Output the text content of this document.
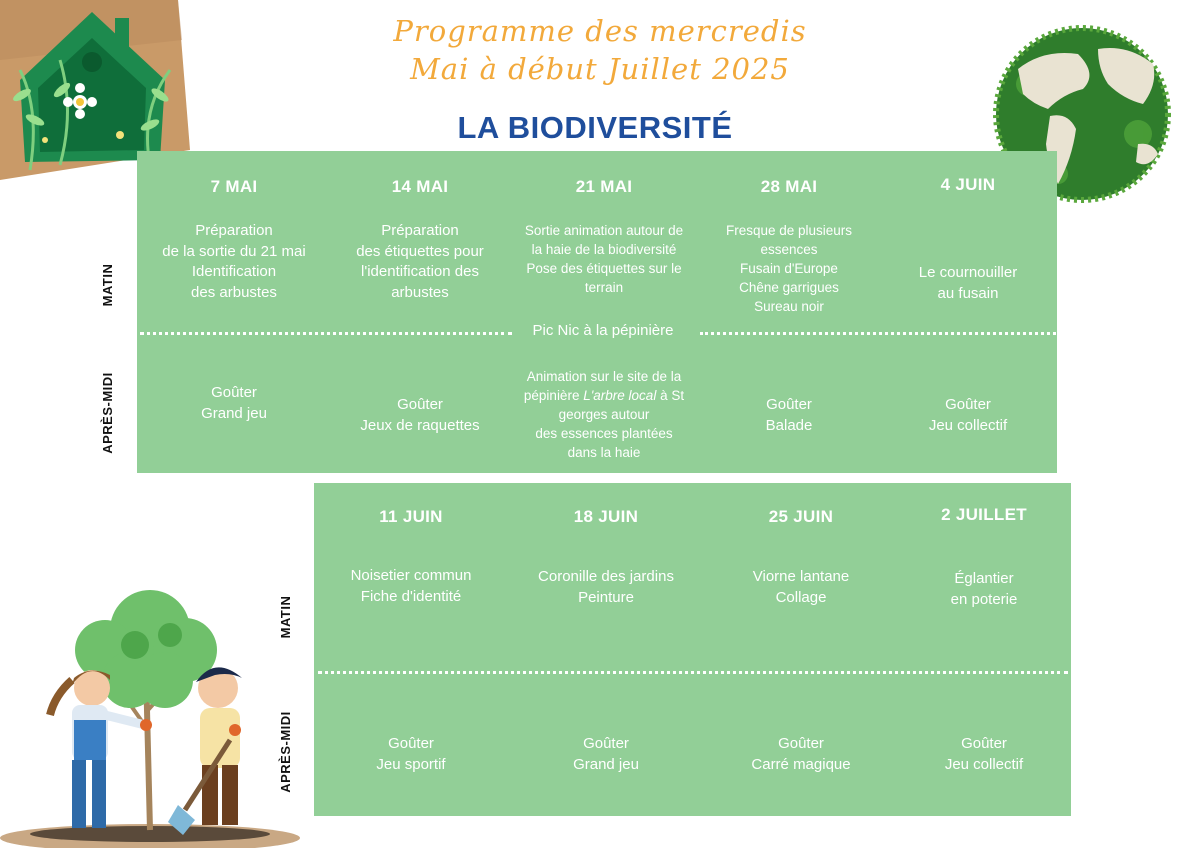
Programme des mercredis
Mai à début Juillet 2025
LA BIODIVERSITÉ
MATIN
APRÈS-MIDI
7 MAI
Préparation
de la sortie du 21 mai
Identification
des arbustes
Goûter
Grand jeu
14 MAI
Préparation
des étiquettes pour
l'identification des
arbustes
Goûter
Jeux de raquettes
21 MAI
Sortie animation autour de
la haie de la biodiversité
Pose des étiquettes sur le
terrain
Animation sur le site de la
pépinière L'arbre local à St
georges autour
des essences plantées
dans la haie
28 MAI
Fresque de plusieurs
essences
Fusain d'Europe
Chêne garrigues
Sureau noir
Goûter
Balade
4 JUIN
Le cournouiller
au fusain
Goûter
Jeu collectif
Pic Nic à la pépinière
MATIN
APRÈS-MIDI
11 JUIN
Noisetier commun
Fiche d'identité
Goûter
Jeu sportif
18 JUIN
Coronille des jardins
Peinture
Goûter
Grand jeu
25 JUIN
Viorne lantane
Collage
Goûter
Carré magique
2 JUILLET
Églantier
en poterie
Goûter
Jeu collectif
